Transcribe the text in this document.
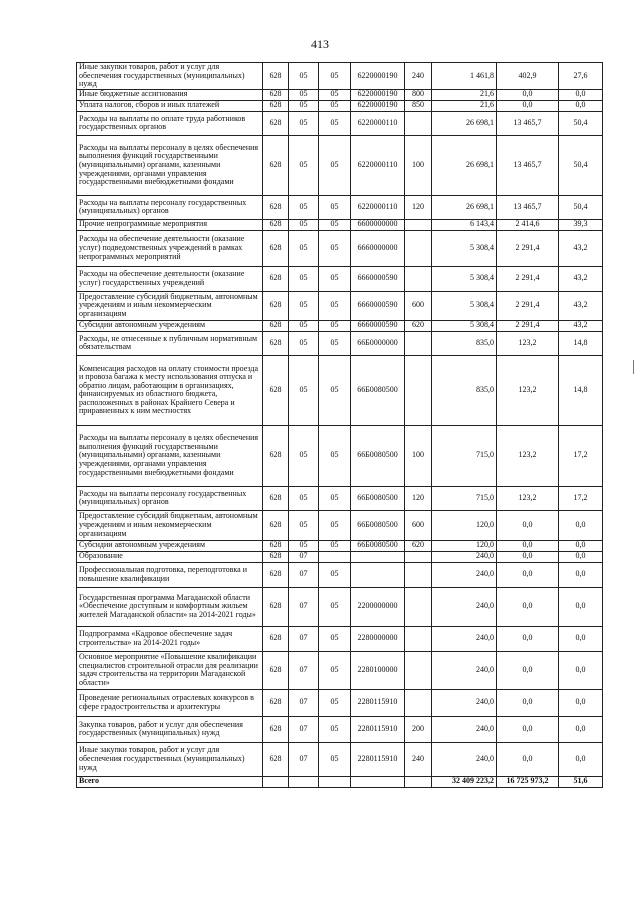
413
Иные закупки товаров, работ и услуг для обеспечения государственных (муниципальных) нужд	628	05	05	6220000190	240	1 461,8	402,9	27,6
Иные бюджетные ассигнования	628	05	05	6220000190	800	21,6	0,0	0,0
Уплата налогов, сборов и иных платежей	628	05	05	6220000190	850	21,6	0,0	0,0
Расходы на выплаты по оплате труда работников государственных органов	628	05	05	6220000110		26 698,1	13 465,7	50,4
Расходы на выплаты персоналу в целях обеспечения выполнения функций государственными (муниципальными) органами, казенными учреждениями, органами управления государственными внебюджетными фондами	628	05	05	6220000110	100	26 698,1	13 465,7	50,4
Расходы на выплаты персоналу государственных (муниципальных) органов	628	05	05	6220000110	120	26 698,1	13 465,7	50,4
Прочие непрограммные мероприятия	628	05	05	6600000000		6 143,4	2 414,6	39,3
Расходы на обеспечение деятельности (оказание услуг) подведомственных учреждений в рамках непрограммных мероприятий	628	05	05	6660000000		5 308,4	2 291,4	43,2
Расходы на обеспечение деятельности (оказание услуг) государственных учреждений	628	05	05	6660000590		5 308,4	2 291,4	43,2
Предоставление субсидий бюджетным, автономным учреждениям и иным некоммерческим организациям	628	05	05	6660000590	600	5 308,4	2 291,4	43,2
Субсидии автономным учреждениям	628	05	05	6660000590	620	5 308,4	2 291,4	43,2
Расходы, не отнесенные к публичным нормативным обязательствам	628	05	05	66Б0000000		835,0	123,2	14,8
Компенсация расходов на оплату стоимости проезда и провоза багажа к месту использования отпуска и обратно лицам, работающим в организациях, финансируемых из областного бюджета, расположенных в районах Крайнего Севера и приравненных к ним местностях	628	05	05	66Б0080500		835,0	123,2	14,8
Расходы на выплаты персоналу в целях обеспечения выполнения функций государственными (муниципальными) органами, казенными учреждениями, органами управления государственными внебюджетными фондами	628	05	05	66Б0080500	100	715,0	123,2	17,2
Расходы на выплаты персоналу государственных (муниципальных) органов	628	05	05	66Б0080500	120	715,0	123,2	17,2
Предоставление субсидий бюджетным, автономным учреждениям и иным некоммерческим организациям	628	05	05	66Б0080500	600	120,0	0,0	0,0
Субсидии автономным учреждениям	628	05	05	66Б0080500	620	120,0	0,0	0,0
Образование	628	07				240,0	0,0	0,0
Профессиональная подготовка, переподготовка и повышение квалификации	628	07	05			240,0	0,0	0,0
Государственная программа Магаданской области «Обеспечение доступным и комфортным жильем жителей Магаданской области» на 2014-2021 годы»	628	07	05	2200000000		240,0	0,0	0,0
Подпрограмма «Кадровое обеспечение задач строительства» на 2014-2021 годы»	628	07	05	2280000000		240,0	0,0	0,0
Основное мероприятие «Повышение квалификации специалистов строительной отрасли для реализации задач строительства на территории Магаданской области»	628	07	05	2280100000		240,0	0,0	0,0
Проведение региональных отраслевых конкурсов в сфере градостроительства и архитектуры	628	07	05	2280115910		240,0	0,0	0,0
Закупка товаров, работ и услуг для обеспечения государственных (муниципальных) нужд	628	07	05	2280115910	200	240,0	0,0	0,0
Иные закупки товаров, работ и услуг для обеспечения государственных (муниципальных) нужд	628	07	05	2280115910	240	240,0	0,0	0,0
Всего						32 409 223,2	16 725 973,2	51,6
